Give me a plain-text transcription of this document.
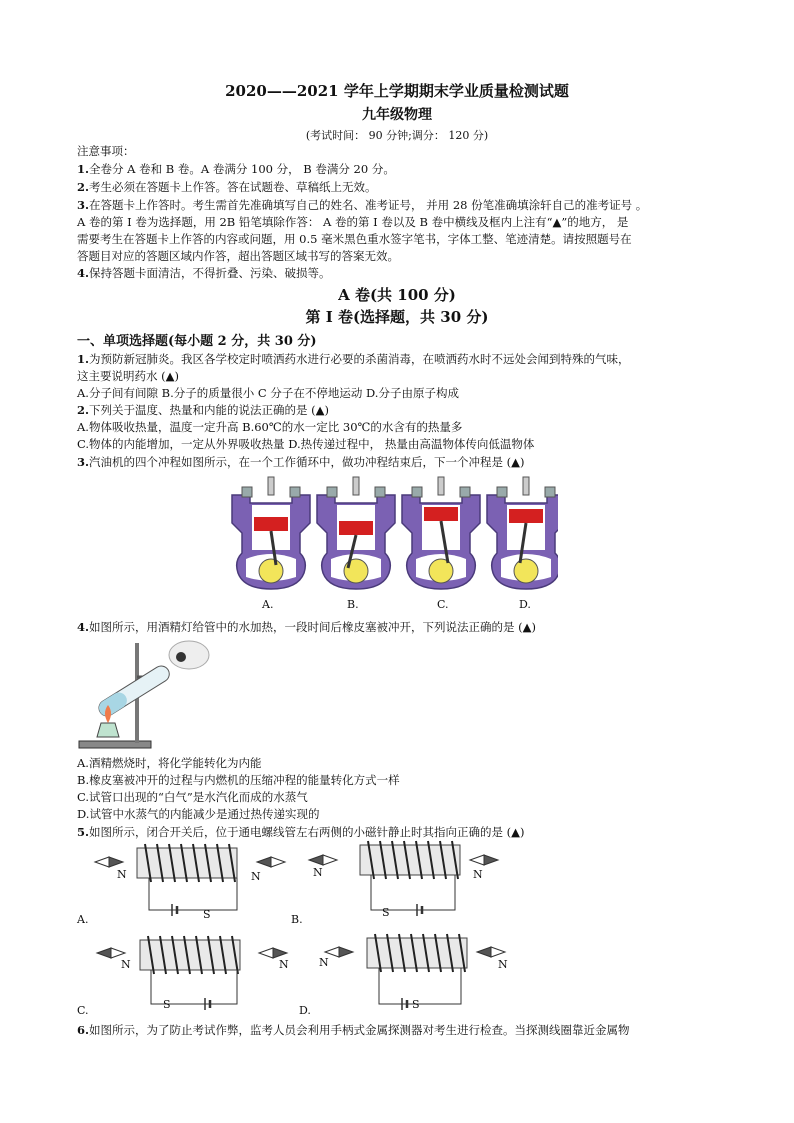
2020——2021 学年上学期期末学业质量检测试题
九年级物理
(考试时间： 90 分钟;调分： 120 分)
注意事项：
1.全卷分 A 卷和 B 卷。A 卷满分 100 分， B 卷满分 20 分。
2.考生必须在答题卡上作答。答在试题卷、草稿纸上无效。
3.在答题卡上作答时。考生需首先准确填写自己的姓名、准考证号， 并用 28 份笔准确填涂轩自己的准考证号 。
A 卷的第 I 卷为选择题，用 2B 铅笔填除作答： A 卷的第 I 卷以及 B 卷中横线及框内上注有“▲”的地方， 是
需要考生在答题卡上作答的内容或问题，用 0.5 毫米黑色重水签字笔书，字体工整、笔迹清楚。请按照题号在
答题目对应的答题区域内作答，超出答题区域书写的答案无效。
4.保持答题卡面清洁，不得折叠、污染、破损等。
A 卷(共 100 分)
第 I 卷(选择题，共 30 分)
一、单项选择题(每小题 2 分，共 30 分)
1.为预防新冠肺炎。我区各学校定时喷洒药水进行必要的杀菌消毒，在喷洒药水时不远处会闻到特殊的气味，
这主要说明药水 (▲)
A.分子间有间隙 B.分子的质量很小 C 分子在不停地运动 D.分子由原子构成
2.下列关于温度、热量和内能的说法正确的是 (▲)
A.物体吸收热量，温度一定升高 B.60℃的水一定比 30℃的水含有的热量多
C.物体的内能增加，一定从外界吸收热量 D.热传递过程中， 热量由高温物体传向低温物体
3.汽油机的四个冲程如图所示，在一个工作循环中，做功冲程结束后，下一个冲程是 (▲)
A.	B.	C.	D.
4.如图所示，用酒精灯给管中的水加热，一段时间后橡皮塞被冲开，下列说法正确的是 (▲)
A.酒精燃烧时，将化学能转化为内能
B.橡皮塞被冲开的过程与内燃机的压缩冲程的能量转化方式一样
C.试管口出现的“白气”是水汽化而成的水蒸气
D.试管中水蒸气的内能减少是通过热传递实现的
5.如图所示，闭合开关后，位于通电螺线管左右两侧的小磁针静止时其指向正确的是 (▲)
N	N
S
N	N
S
N	N
S
N	N
S
A.	B.
C.	D.
6.如图所示，为了防止考试作弊，监考人员会利用手柄式金属探测器对考生进行检查。当探测线圈靠近金属物
